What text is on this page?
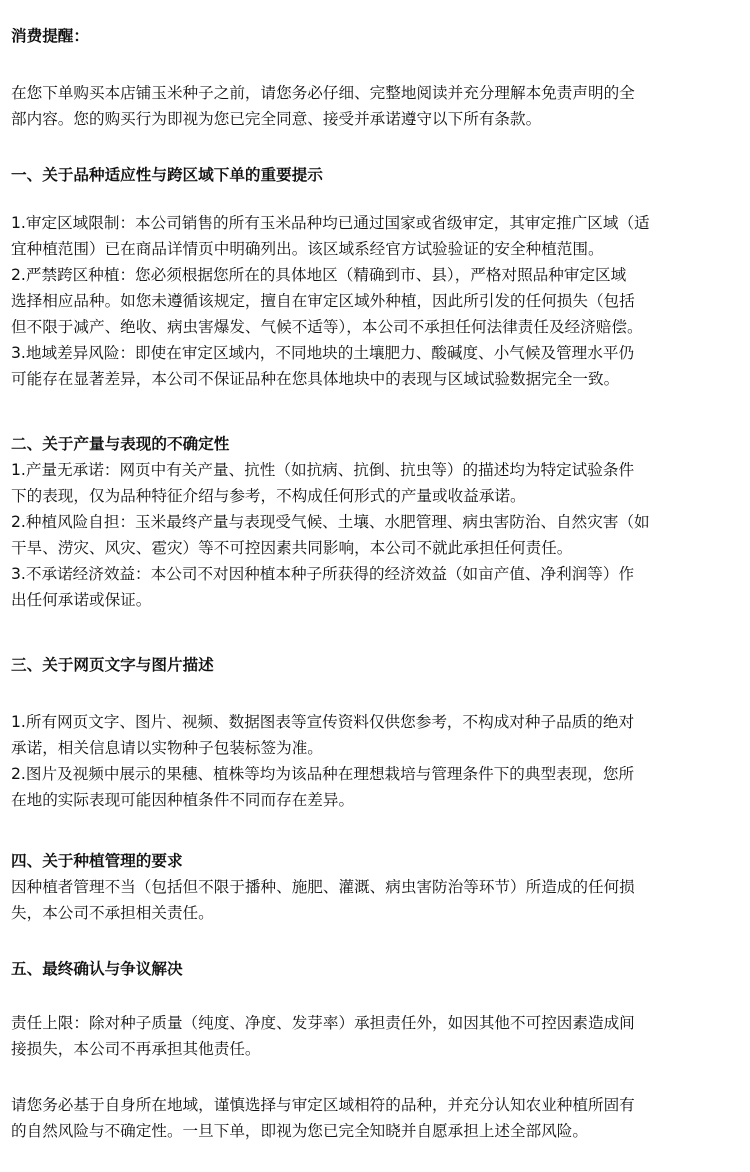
消费提醒：

在您下单购买本店铺玉米种子之前，请您务必仔细、完整地阅读并充分理解本免责声明的全

部内容。您的购买行为即视为您已完全同意、接受并承诺遵守以下所有条款。

一、关于品种适应性与跨区域下单的重要提示

1.审定区域限制：本公司销售的所有玉米品种均已通过国家或省级审定，其审定推广区域（适

宜种植范围）已在商品详情页中明确列出。该区域系经官方试验验证的安全种植范围。

2.严禁跨区种植：您必须根据您所在的具体地区（精确到市、县），严格对照品种审定区域

选择相应品种。如您未遵循该规定，擅自在审定区域外种植，因此所引发的任何损失（包括

但不限于减产、绝收、病虫害爆发、气候不适等），本公司不承担任何法律责任及经济赔偿。

3.地域差异风险：即使在审定区域内，不同地块的土壤肥力、酸碱度、小气候及管理水平仍

可能存在显著差异，本公司不保证品种在您具体地块中的表现与区域试验数据完全一致。

二、关于产量与表现的不确定性

1.产量无承诺：网页中有关产量、抗性（如抗病、抗倒、抗虫等）的描述均为特定试验条件

下的表现，仅为品种特征介绍与参考，不构成任何形式的产量或收益承诺。

2.种植风险自担：玉米最终产量与表现受气候、土壤、水肥管理、病虫害防治、自然灾害（如

干旱、涝灾、风灾、雹灾）等不可控因素共同影响，本公司不就此承担任何责任。

3.不承诺经济效益：本公司不对因种植本种子所获得的经济效益（如亩产值、净利润等）作

出任何承诺或保证。

三、关于网页文字与图片描述

1.所有网页文字、图片、视频、数据图表等宣传资料仅供您参考，不构成对种子品质的绝对

承诺，相关信息请以实物种子包装标签为准。

2.图片及视频中展示的果穗、植株等均为该品种在理想栽培与管理条件下的典型表现，您所

在地的实际表现可能因种植条件不同而存在差异。

四、关于种植管理的要求

因种植者管理不当（包括但不限于播种、施肥、灌溉、病虫害防治等环节）所造成的任何损

失，本公司不承担相关责任。

五、最终确认与争议解决

责任上限：除对种子质量（纯度、净度、发芽率）承担责任外，如因其他不可控因素造成间

接损失，本公司不再承担其他责任。

请您务必基于自身所在地域，谨慎选择与审定区域相符的品种，并充分认知农业种植所固有

的自然风险与不确定性。一旦下单，即视为您已完全知晓并自愿承担上述全部风险。
